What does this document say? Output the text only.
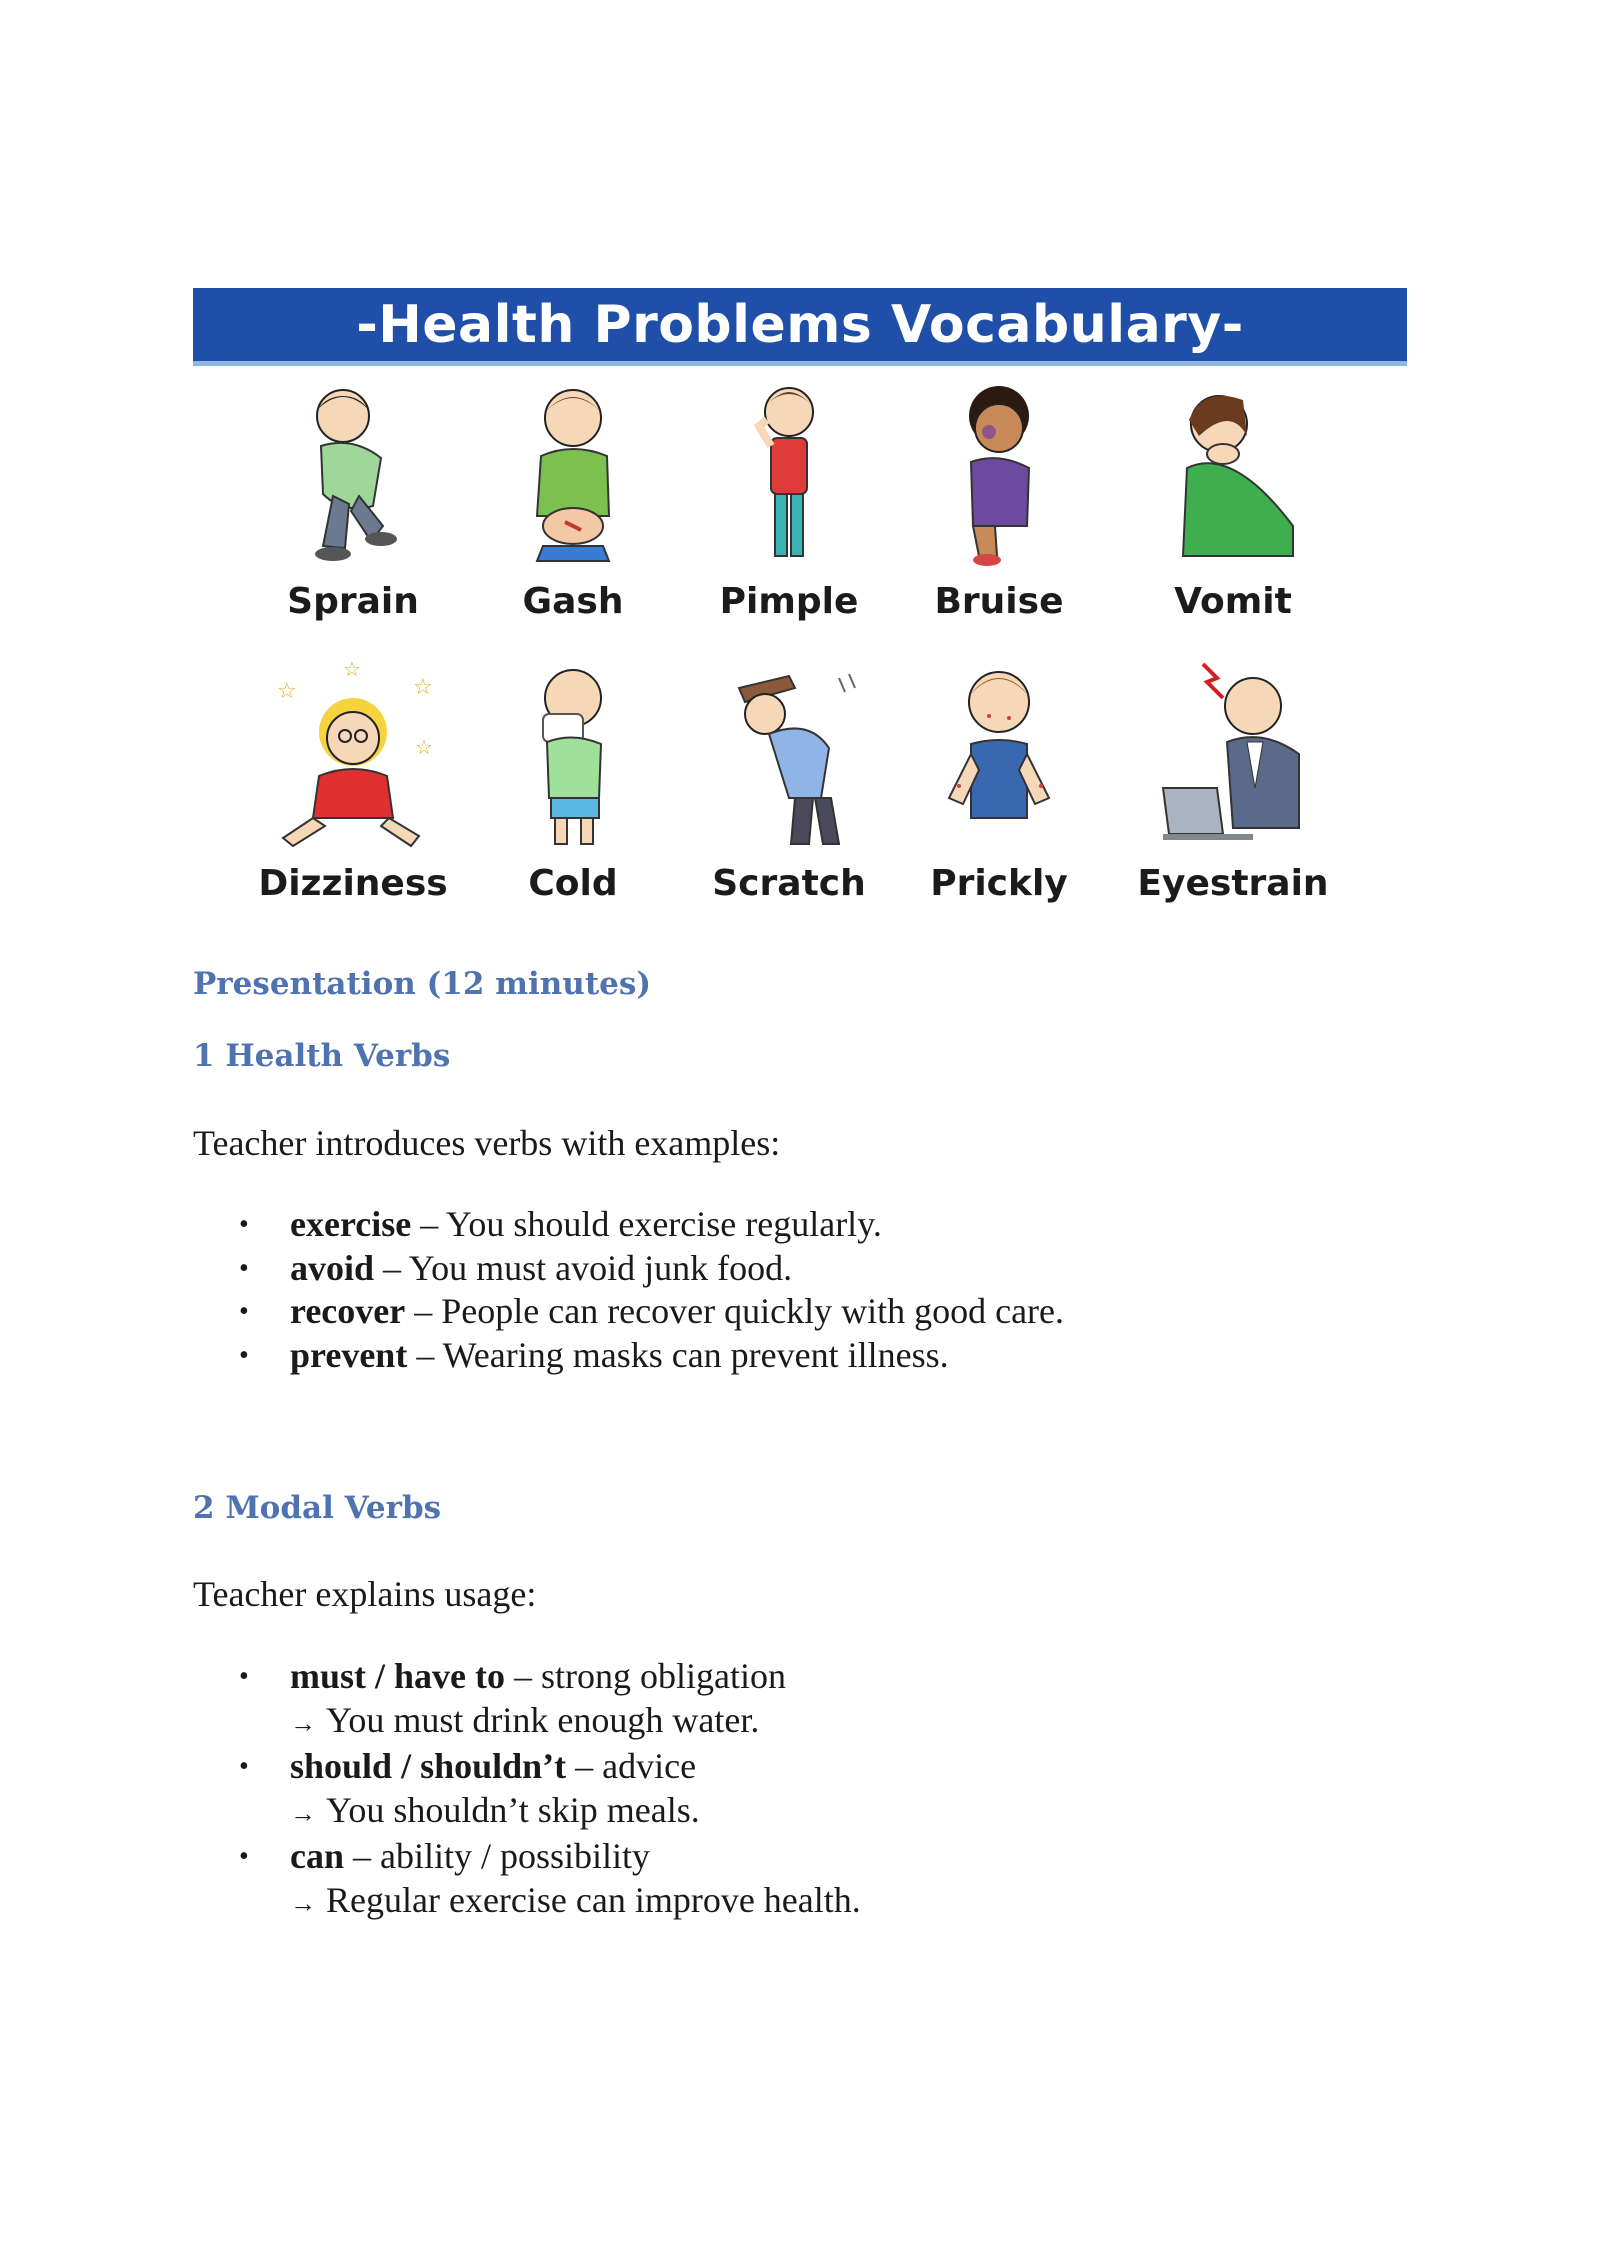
-Health Problems Vocabulary-
Sprain	Gash	Pimple	Bruise	Vomit
☆
☆
☆
☆
Dizziness	Cold	Scratch	Prickly	Eyestrain
Presentation (12 minutes)
1 Health Verbs

Teacher introduces verbs with examples:

• exercise – You should exercise regularly.
• avoid – You must avoid junk food.
• recover – People can recover quickly with good care.
• prevent – Wearing masks can prevent illness.
2 Modal Verbs

Teacher explains usage:

• must / have to – strong obligation
→ You must drink enough water.
• should / shouldn’t – advice
→ You shouldn’t skip meals.
• can – ability / possibility
→ Regular exercise can improve health.
